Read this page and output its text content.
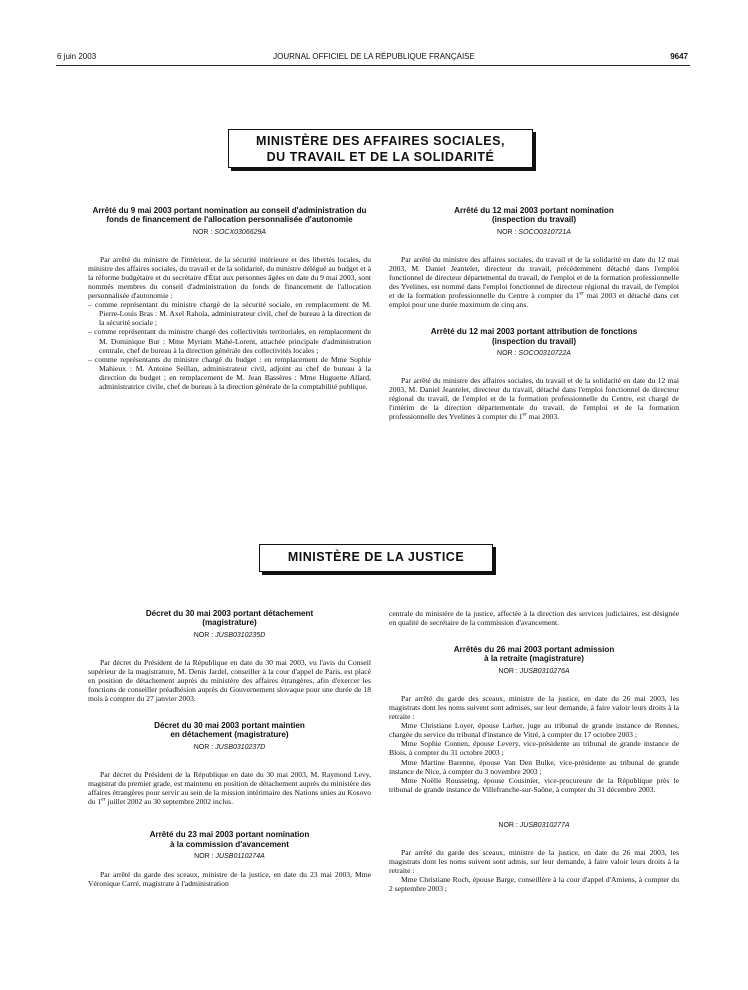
6 juin 2003	JOURNAL OFFICIEL DE LA RÉPUBLIQUE FRANÇAISE	9647
MINISTÈRE DES AFFAIRES SOCIALES,
DU TRAVAIL ET DE LA SOLIDARITÉ

Arrêté du 9 mai 2003 portant nomination au conseil d'administration du fonds de financement de l'allocation personnalisée d'autonomie

NOR : SOCX0306629A

Par arrêté du ministre de l'intérieur, de la sécurité intérieure et des libertés locales, du ministre des affaires sociales, du travail et de la solidarité, du ministre délégué au budget et à la réforme budgétaire et du secrétaire d'État aux personnes âgées en date du 9 mai 2003, sont nommés membres du conseil d'administration du fonds de financement de l'allocation personnalisée d'autonomie :

– comme représentant du ministre chargé de la sécurité sociale, en remplacement de M. Pierre-Louis Bras : M. Axel Rahola, administrateur civil, chef de bureau à la direction de la sécurité sociale ;

– comme représentant du ministre chargé des collectivités territoriales, en remplacement de M. Dominique Bur : Mme Myriam Mahé-Lorent, attachée principale d'administration centrale, chef de bureau à la direction générale des collectivités locales ;

– comme représentants du ministre chargé du budget : en remplacement de Mme Sophie Mahieux : M. Antoine Seillan, administrateur civil, adjoint au chef de bureau à la direction du budget ; en remplacement de M. Jean Bassères : Mme Huguette Allard, administratrice civile, chef de bureau à la direction générale de la comptabilité publique.

Arrêté du 12 mai 2003 portant nomination

(inspection du travail)

NOR : SOCO0310721A

Par arrêté du ministre des affaires sociales, du travail et de la solidarité en date du 12 mai 2003, M. Daniel Jeantelet, directeur du travail, précédemment détaché dans l'emploi fonctionnel de directeur départemental du travail, de l'emploi et de la formation professionnelle des Yvelines, est nommé dans l'emploi fonctionnel de directeur régional du travail, de l'emploi et de la formation professionnelle du Centre à compter du 1er mai 2003 et détaché dans cet emploi pour une durée maximum de cinq ans.

Arrêté du 12 mai 2003 portant attribution de fonctions

(inspection du travail)

NOR : SOCO0310722A

Par arrêté du ministre des affaires sociales, du travail et de la solidarité en date du 12 mai 2003, M. Daniel Jeantelet, directeur du travail, détaché dans l'emploi fonctionnel de directeur régional du travail, de l'emploi et de la formation professionnelle du Centre, est chargé de l'intérim de la direction départementale du travail, de l'emploi et de la formation professionnelle des Yvelines à compter du 1er mai 2003.

MINISTÈRE DE LA JUSTICE

Décret du 30 mai 2003 portant détachement

(magistrature)

NOR : JUSB0310235D

Par décret du Président de la République en date du 30 mai 2003, vu l'avis du Conseil supérieur de la magistrature, M. Denis Jardel, conseiller à la cour d'appel de Paris, est placé en position de détachement auprès du ministère des affaires étrangères, afin d'exercer les fonctions de conseiller préadhésion auprès du Gouvernement slovaque pour une durée de 18 mois à compter du 27 janvier 2003.

Décret du 30 mai 2003 portant maintien

en détachement (magistrature)

NOR : JUSB0310237D

Par décret du Président de la République en date du 30 mai 2003, M. Raymond Levy, magistrat du premier grade, est maintenu en position de détachement auprès du ministère des affaires étrangères pour servir au sein de la mission intérimaire des Nations unies au Kosovo du 1er juillet 2002 au 30 septembre 2002 inclus.

Arrêté du 23 mai 2003 portant nomination

à la commission d'avancement

NOR : JUSB0110274A

Par arrêté du garde des sceaux, ministre de la justice, en date du 23 mai 2003, Mme Véronique Carré, magistrate à l'administration

centrale du ministère de la justice, affectée à la direction des services judiciaires, est désignée en qualité de secrétaire de la commission d'avancement.

Arrêtés du 26 mai 2003 portant admission

à la retraite (magistrature)

NOR : JUSB0310276A

Par arrêté du garde des sceaux, ministre de la justice, en date du 26 mai 2003, les magistrats dont les noms suivent sont admises, sur leur demande, à faire valoir leurs droits à la retraite :

Mme Christiane Loyer, épouse Larher, juge au tribunal de grande instance de Rennes, chargée du service du tribunal d'instance de Vitré, à compter du 17 octobre 2003 ;

Mme Sophie Connen, épouse Levery, vice-présidente au tribunal de grande instance de Blois, à compter du 31 octobre 2003 ;

Mme Martine Barenne, épouse Van Den Bulke, vice-présidente au tribunal de grande instance de Nice, à compter du 3 novembre 2003 ;

Mme Noëlle Rousseing, épouse Cousinier, vice-procureure de la République près le tribunal de grande instance de Villefranche-sur-Saône, à compter du 31 décembre 2003.

NOR : JUSB0310277A

Par arrêté du garde des sceaux, ministre de la justice, en date du 26 mai 2003, les magistrats dont les noms suivent sont admis, sur leur demande, à faire valoir leurs droits à la retraite :

Mme Christiane Roch, épouse Barge, conseillère à la cour d'appel d'Amiens, à compter du 2 septembre 2003 ;
